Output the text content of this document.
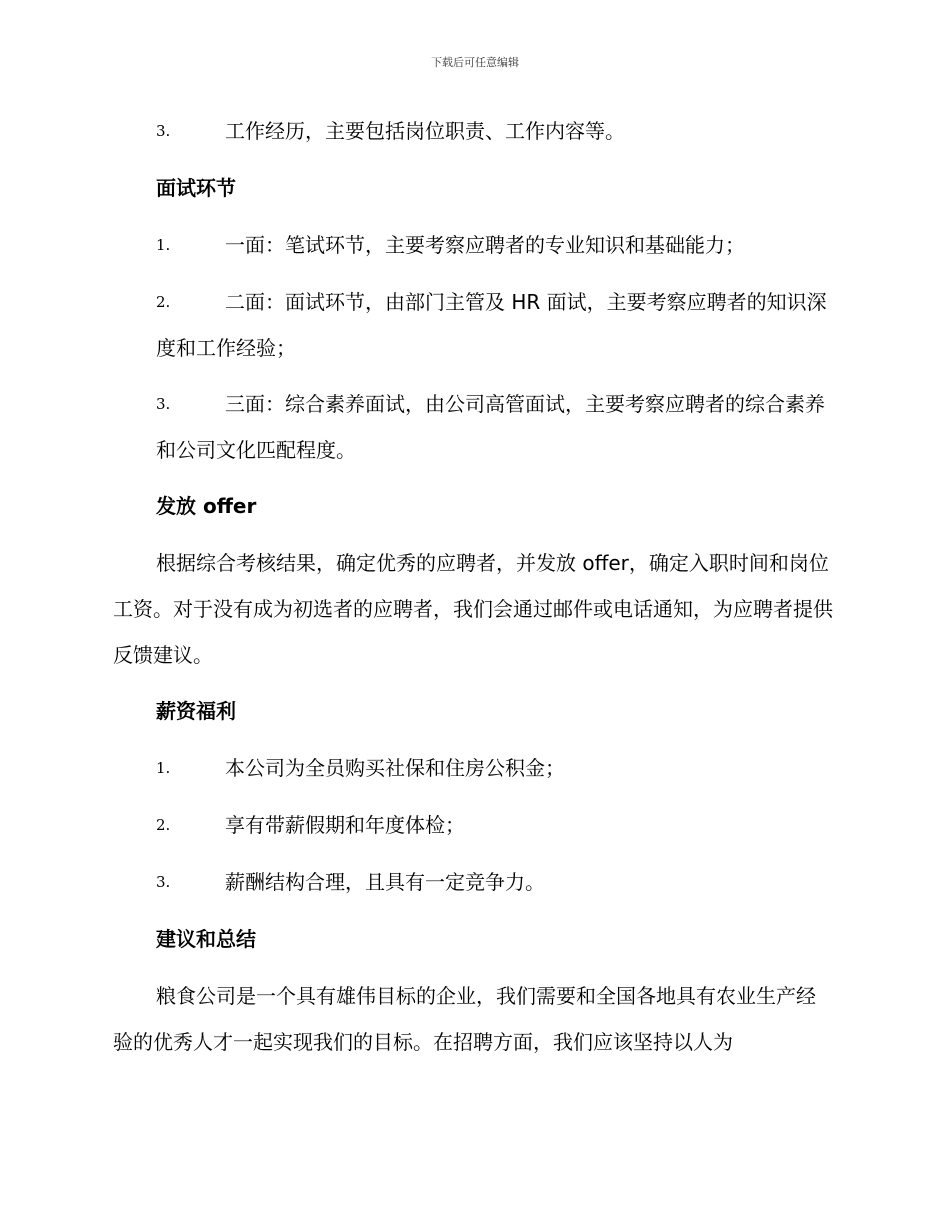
下载后可任意编辑
3.	工作经历，主要包括岗位职责、工作内容等。
面试环节
1.	一面：笔试环节，主要考察应聘者的专业知识和基础能力；
2.	二面：面试环节，由部门主管及 HR 面试，主要考察应聘者的知识深度和工作经验；
3.	三面：综合素养面试，由公司高管面试，主要考察应聘者的综合素养和公司文化匹配程度。
发放 offer
根据综合考核结果，确定优秀的应聘者，并发放 offer，确定入职时间和岗位工资。对于没有成为初选者的应聘者，我们会通过邮件或电话通知，为应聘者提供反馈建议。
薪资福利
1.	本公司为全员购买社保和住房公积金；
2.	享有带薪假期和年度体检；
3.	薪酬结构合理，且具有一定竞争力。
建议和总结
粮食公司是一个具有雄伟目标的企业，我们需要和全国各地具有农业生产经验的优秀人才一起实现我们的目标。在招聘方面，我们应该坚持以人为
